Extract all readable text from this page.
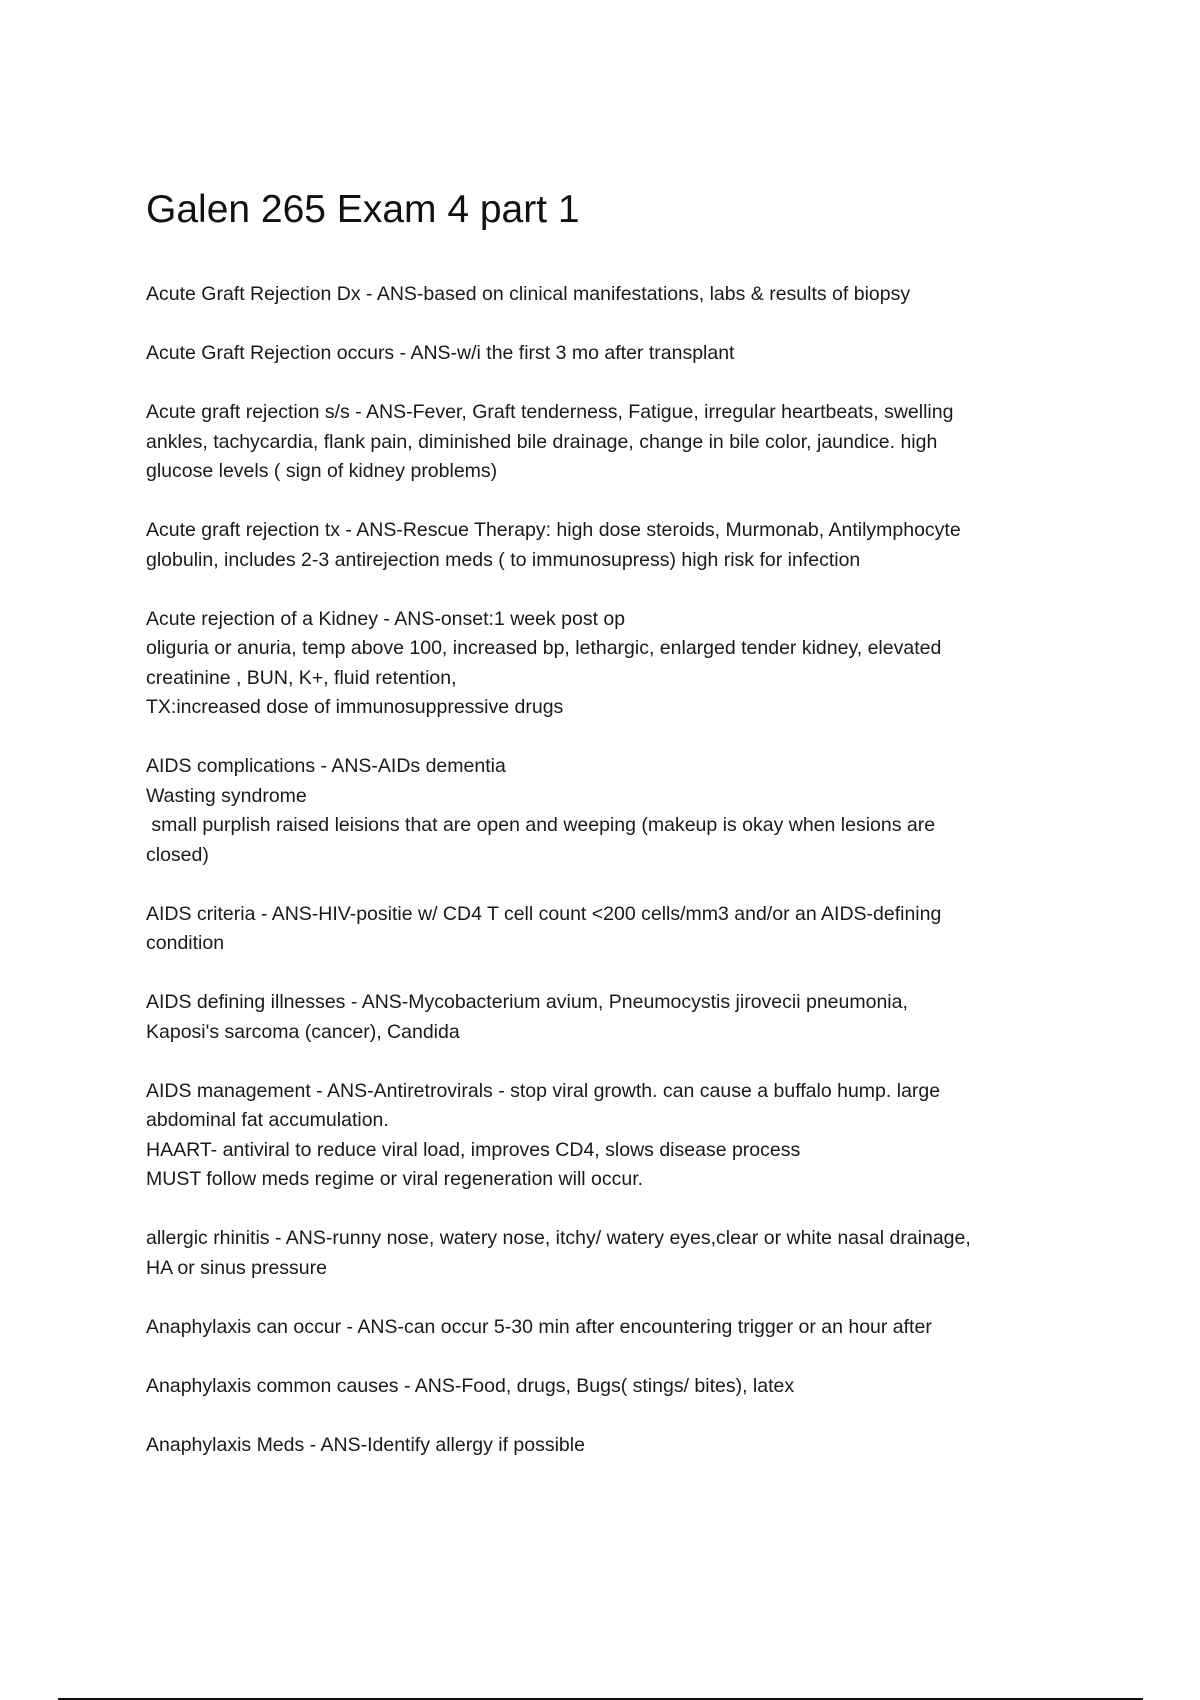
Galen 265 Exam 4 part 1
Acute Graft Rejection Dx - ANS-based on clinical manifestations, labs & results of biopsy
Acute Graft Rejection occurs - ANS-w/i the first 3 mo after transplant
Acute graft rejection s/s - ANS-Fever, Graft tenderness, Fatigue, irregular heartbeats, swelling
ankles, tachycardia, flank pain, diminished bile drainage, change in bile color, jaundice. high
glucose levels ( sign of kidney problems)
Acute graft rejection tx - ANS-Rescue Therapy: high dose steroids, Murmonab, Antilymphocyte
globulin, includes 2-3 antirejection meds ( to immunosupress) high risk for infection
Acute rejection of a Kidney - ANS-onset:1 week post op
oliguria or anuria, temp above 100, increased bp, lethargic, enlarged tender kidney, elevated
creatinine , BUN, K+, fluid retention,
TX:increased dose of immunosuppressive drugs
AIDS complications - ANS-AIDs dementia
Wasting syndrome
small purplish raised leisions that are open and weeping (makeup is okay when lesions are
closed)
AIDS criteria - ANS-HIV-positie w/ CD4 T cell count <200 cells/mm3 and/or an AIDS-defining
condition
AIDS defining illnesses - ANS-Mycobacterium avium, Pneumocystis jirovecii pneumonia,
Kaposi's sarcoma (cancer), Candida
AIDS management - ANS-Antiretrovirals - stop viral growth. can cause a buffalo hump. large
abdominal fat accumulation.
HAART- antiviral to reduce viral load, improves CD4, slows disease process
MUST follow meds regime or viral regeneration will occur.
allergic rhinitis - ANS-runny nose, watery nose, itchy/ watery eyes,clear or white nasal drainage,
HA or sinus pressure
Anaphylaxis can occur - ANS-can occur 5-30 min after encountering trigger or an hour after
Anaphylaxis common causes - ANS-Food, drugs, Bugs( stings/ bites), latex
Anaphylaxis Meds - ANS-Identify allergy if possible
